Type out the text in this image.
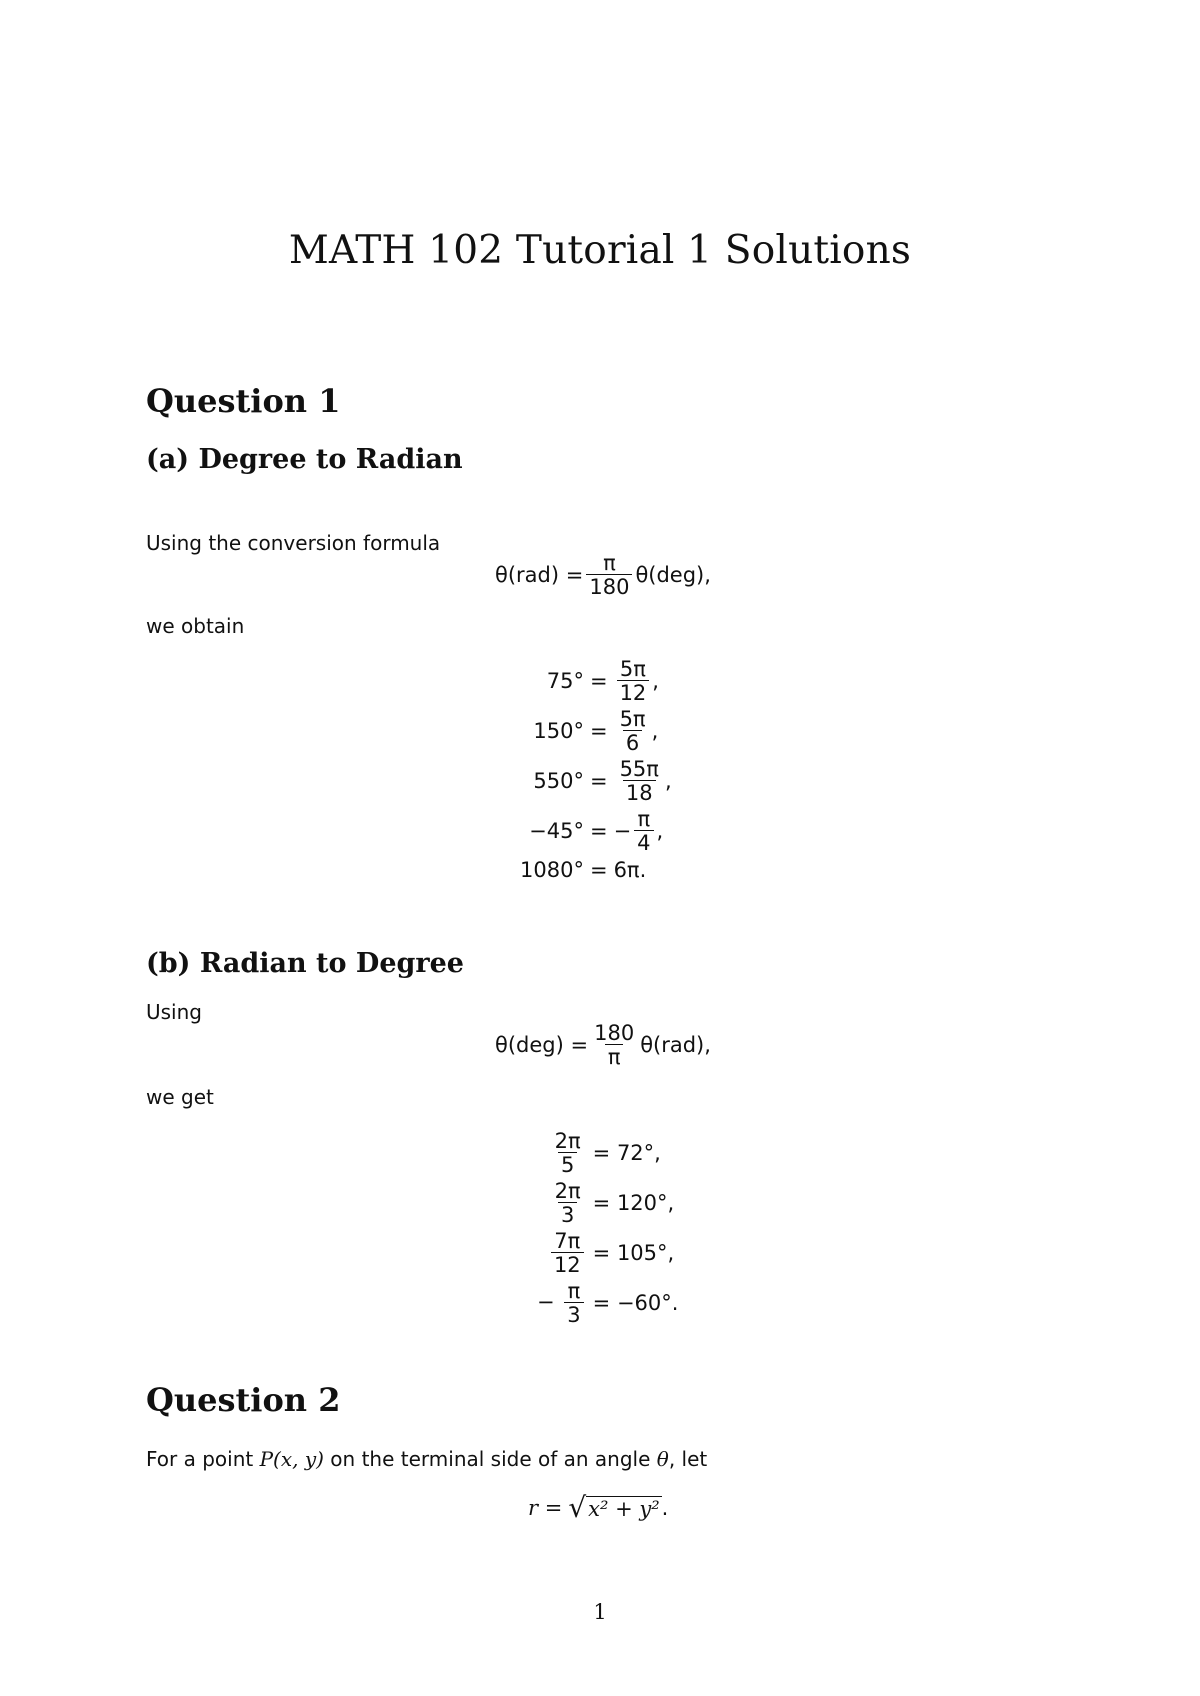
MATH 102 Tutorial 1 Solutions
Question 1
(a) Degree to Radian
Using the conversion formula
$\theta(rad) = \frac{\pi}{180} \theta(deg)$,
we obtain
$75^\circ = \frac{5\pi}{12}$ ,
$150^\circ = \frac{5\pi}{6}$ ,
$550^\circ = \frac{55\pi}{18}$ ,
−45° = − $\frac{\pi}{4}$ ,
1080° = 6π.
(b) Radian to Degree
Using
$\theta(deg) = \frac{180}{\pi} \theta(rad)$,
we get
$\frac{2\pi}{5} = 72^\circ$,
$\frac{2\pi}{3} = 120^\circ$,
$\frac{7\pi}{12} = 105^\circ$,
− $\frac{\pi}{3} = -60^\circ$.
Question 2
For a point P(x, y) on the terminal side of an angle θ, let
r = √ x² + y² .
1
